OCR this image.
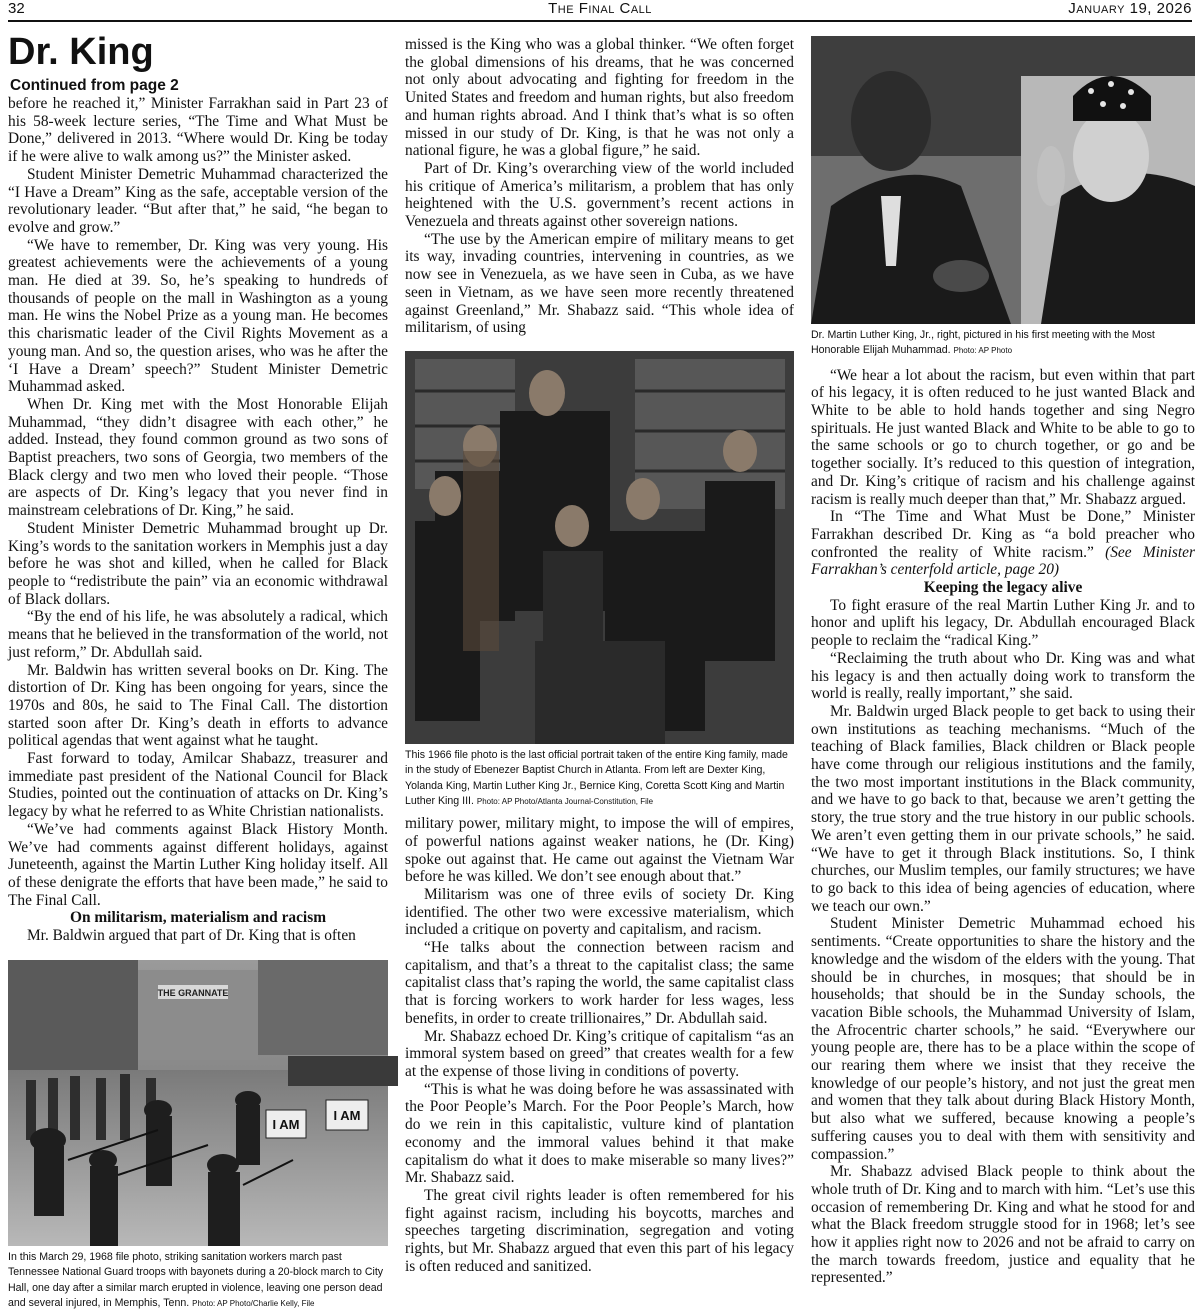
32	The Final Call	January 19, 2026
Dr. King
Continued from page 2

before he reached it,” Minister Farrakhan said in Part 23 of his 58-week lecture series, “The Time and What Must be Done,” delivered in 2013. “Where would Dr. King be today if he were alive to walk among us?” the Minister asked.

Student Minister Demetric Muhammad characterized the “I Have a Dream” King as the safe, acceptable version of the revolutionary leader. “But after that,” he said, “he began to evolve and grow.”

“We have to remember, Dr. King was very young. His greatest achievements were the achievements of a young man. He died at 39. So, he’s speaking to hundreds of thousands of people on the mall in Washington as a young man. He wins the Nobel Prize as a young man. He becomes this charismatic leader of the Civil Rights Movement as a young man. And so, the question arises, who was he after the ‘I Have a Dream’ speech?” Student Minister Demetric Muhammad asked.

When Dr. King met with the Most Honorable Elijah Muhammad, “they didn’t disagree with each other,” he added. Instead, they found common ground as two sons of Baptist preachers, two sons of Georgia, two members of the Black clergy and two men who loved their people. “Those are aspects of Dr. King’s legacy that you never find in mainstream celebrations of Dr. King,” he said.

Student Minister Demetric Muhammad brought up Dr. King’s words to the sanitation workers in Memphis just a day before he was shot and killed, when he called for Black people to “redistribute the pain” via an economic withdrawal of Black dollars.

“By the end of his life, he was absolutely a radical, which means that he believed in the transformation of the world, not just reform,” Dr. Abdullah said.

Mr. Baldwin has written several books on Dr. King. The distortion of Dr. King has been ongoing for years, since the 1970s and 80s, he said to The Final Call. The distortion started soon after Dr. King’s death in efforts to advance political agendas that went against what he taught.

Fast forward to today, Amilcar Shabazz, treasurer and immediate past president of the National Council for Black Studies, pointed out the continuation of attacks on Dr. King’s legacy by what he referred to as White Christian nationalists.

“We’ve had comments against Black History Month. We’ve had comments against different holidays, against Juneteenth, against the Martin Luther King holiday itself. All of these denigrate the efforts that have been made,” he said to The Final Call.

On militarism, materialism and racism

Mr. Baldwin argued that part of Dr. King that is often

THE GRANNATE
I AM
I AM
In this March 29, 1968 file photo, striking sanitation workers march past Tennessee National Guard troops with bayonets during a 20-block march to City Hall, one day after a similar march erupted in violence, leaving one person dead and several injured, in Memphis, Tenn. Photo: AP Photo/Charlie Kelly, File

missed is the King who was a global thinker. “We often forget the global dimensions of his dreams, that he was concerned not only about advocating and fighting for freedom in the United States and freedom and human rights, but also freedom and human rights abroad. And I think that’s what is so often missed in our study of Dr. King, is that he was not only a national figure, he was a global figure,” he said.

Part of Dr. King’s overarching view of the world included his critique of America’s militarism, a problem that has only heightened with the U.S. government’s recent actions in Venezuela and threats against other sovereign nations.

“The use by the American empire of military means to get its way, invading countries, intervening in countries, as we now see in Venezuela, as we have seen in Cuba, as we have seen in Vietnam, as we have seen more recently threatened against Greenland,” Mr. Shabazz said. “This whole idea of militarism, of using

This 1966 file photo is the last official portrait taken of the entire King family, made in the study of Ebenezer Baptist Church in Atlanta. From left are Dexter King, Yolanda King, Martin Luther King Jr., Bernice King, Coretta Scott King and Martin Luther King III. Photo: AP Photo/Atlanta Journal-Constitution, File

military power, military might, to impose the will of empires, of powerful nations against weaker nations, he (Dr. King) spoke out against that. He came out against the Vietnam War before he was killed. We don’t see enough about that.”

Militarism was one of three evils of society Dr. King identified. The other two were excessive materialism, which included a critique on poverty and capitalism, and racism.

“He talks about the connection between racism and capitalism, and that’s a threat to the capitalist class; the same capitalist class that’s raping the world, the same capitalist class that is forcing workers to work harder for less wages, less benefits, in order to create trillionaires,” Dr. Abdullah said.

Mr. Shabazz echoed Dr. King’s critique of capitalism “as an immoral system based on greed” that creates wealth for a few at the expense of those living in conditions of poverty.

“This is what he was doing before he was assassinated with the Poor People’s March. For the Poor People’s March, how do we rein in this capitalistic, vulture kind of plantation economy and the immoral values behind it that make capitalism do what it does to make miserable so many lives?” Mr. Shabazz said.

The great civil rights leader is often remembered for his fight against racism, including his boycotts, marches and speeches targeting discrimination, segregation and voting rights, but Mr. Shabazz argued that even this part of his legacy is often reduced and sanitized.

Dr. Martin Luther King, Jr., right, pictured in his first meeting with the Most Honorable Elijah Muhammad. Photo: AP Photo

“We hear a lot about the racism, but even within that part of his legacy, it is often reduced to he just wanted Black and White to be able to hold hands together and sing Negro spirituals. He just wanted Black and White to be able to go to the same schools or go to church together, or go and be together socially. It’s reduced to this question of integration, and Dr. King’s critique of racism and his challenge against racism is really much deeper than that,” Mr. Shabazz argued.

In “The Time and What Must be Done,” Minister Farrakhan described Dr. King as “a bold preacher who confronted the reality of White racism.” (See Minister Farrakhan’s centerfold article, page 20)

Keeping the legacy alive

To fight erasure of the real Martin Luther King Jr. and to honor and uplift his legacy, Dr. Abdullah encouraged Black people to reclaim the “radical King.”

“Reclaiming the truth about who Dr. King was and what his legacy is and then actually doing work to transform the world is really, really important,” she said.

Mr. Baldwin urged Black people to get back to using their own institutions as teaching mechanisms. “Much of the teaching of Black families, Black children or Black people have come through our religious institutions and the family, the two most important institutions in the Black community, and we have to go back to that, because we aren’t getting the story, the true story and the true history in our public schools. We aren’t even getting them in our private schools,” he said. “We have to get it through Black institutions. So, I think churches, our Muslim temples, our family structures; we have to go back to this idea of being agencies of education, where we teach our own.”

Student Minister Demetric Muhammad echoed his sentiments. “Create opportunities to share the history and the knowledge and the wisdom of the elders with the young. That should be in churches, in mosques; that should be in households; that should be in the Sunday schools, the vacation Bible schools, the Muhammad University of Islam, the Afrocentric charter schools,” he said. “Everywhere our young people are, there has to be a place within the scope of our rearing them where we insist that they receive the knowledge of our people’s history, and not just the great men and women that they talk about during Black History Month, but also what we suffered, because knowing a people’s suffering causes you to deal with them with sensitivity and compassion.”

Mr. Shabazz advised Black people to think about the whole truth of Dr. King and to march with him. “Let’s use this occasion of remembering Dr. King and what he stood for and what the Black freedom struggle stood for in 1968; let’s see how it applies right now to 2026 and not be afraid to carry on the march towards freedom, justice and equality that he represented.”
